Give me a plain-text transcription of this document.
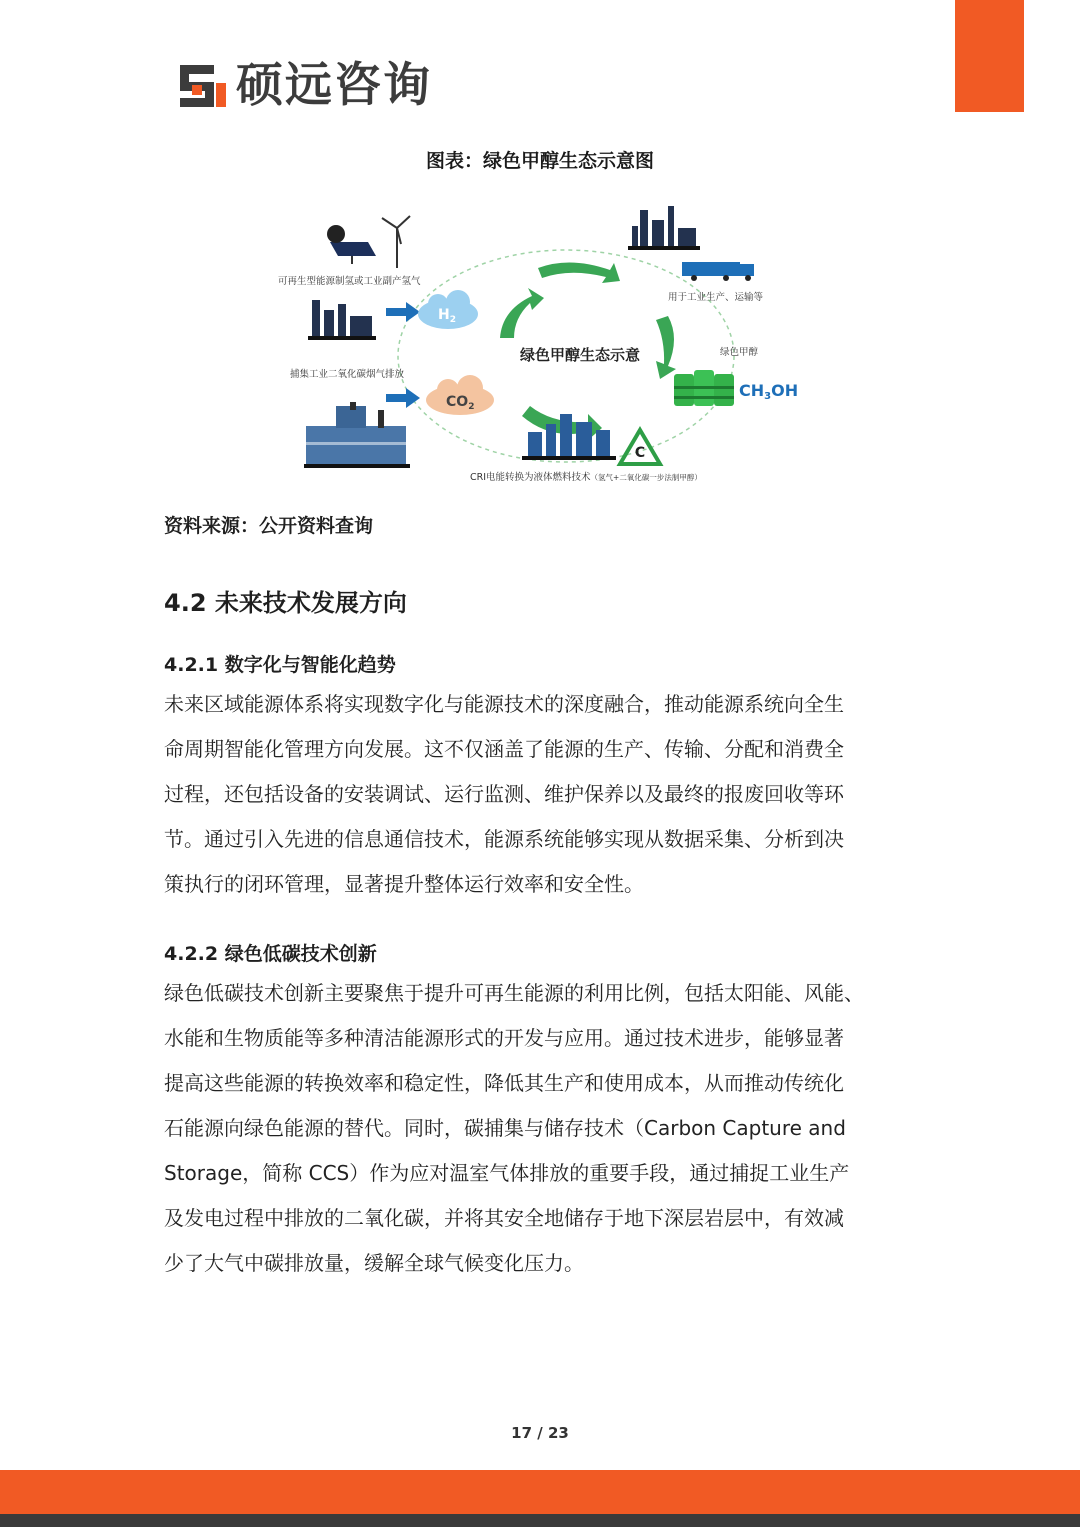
硕远咨询
图表：绿色甲醇生态示意图
绿色甲醇生态示意
可再生型能源制氢或工业副产氢气
$H_2$
捕集工业二氧化碳烟气排放
$CO_2$
用于工业生产、运输等
绿色甲醇
CH3OH
C
CRI电能转换为液体燃料技术（氢气+二氧化碳一步法制甲醇）
资料来源：公开资料查询
4.2 未来技术发展方向
4.2.1 数字化与智能化趋势
未来区域能源体系将实现数字化与能源技术的深度融合，推动能源系统向全生
命周期智能化管理方向发展。这不仅涵盖了能源的生产、传输、分配和消费全
过程，还包括设备的安装调试、运行监测、维护保养以及最终的报废回收等环
节。通过引入先进的信息通信技术，能源系统能够实现从数据采集、分析到决
策执行的闭环管理，显著提升整体运行效率和安全性。
4.2.2 绿色低碳技术创新
绿色低碳技术创新主要聚焦于提升可再生能源的利用比例，包括太阳能、风能、
水能和生物质能等多种清洁能源形式的开发与应用。通过技术进步，能够显著
提高这些能源的转换效率和稳定性，降低其生产和使用成本，从而推动传统化
石能源向绿色能源的替代。同时，碳捕集与储存技术（Carbon Capture and
Storage，简称 CCS）作为应对温室气体排放的重要手段，通过捕捉工业生产
及发电过程中排放的二氧化碳，并将其安全地储存于地下深层岩层中，有效减
少了大气中碳排放量，缓解全球气候变化压力。
17 / 23
